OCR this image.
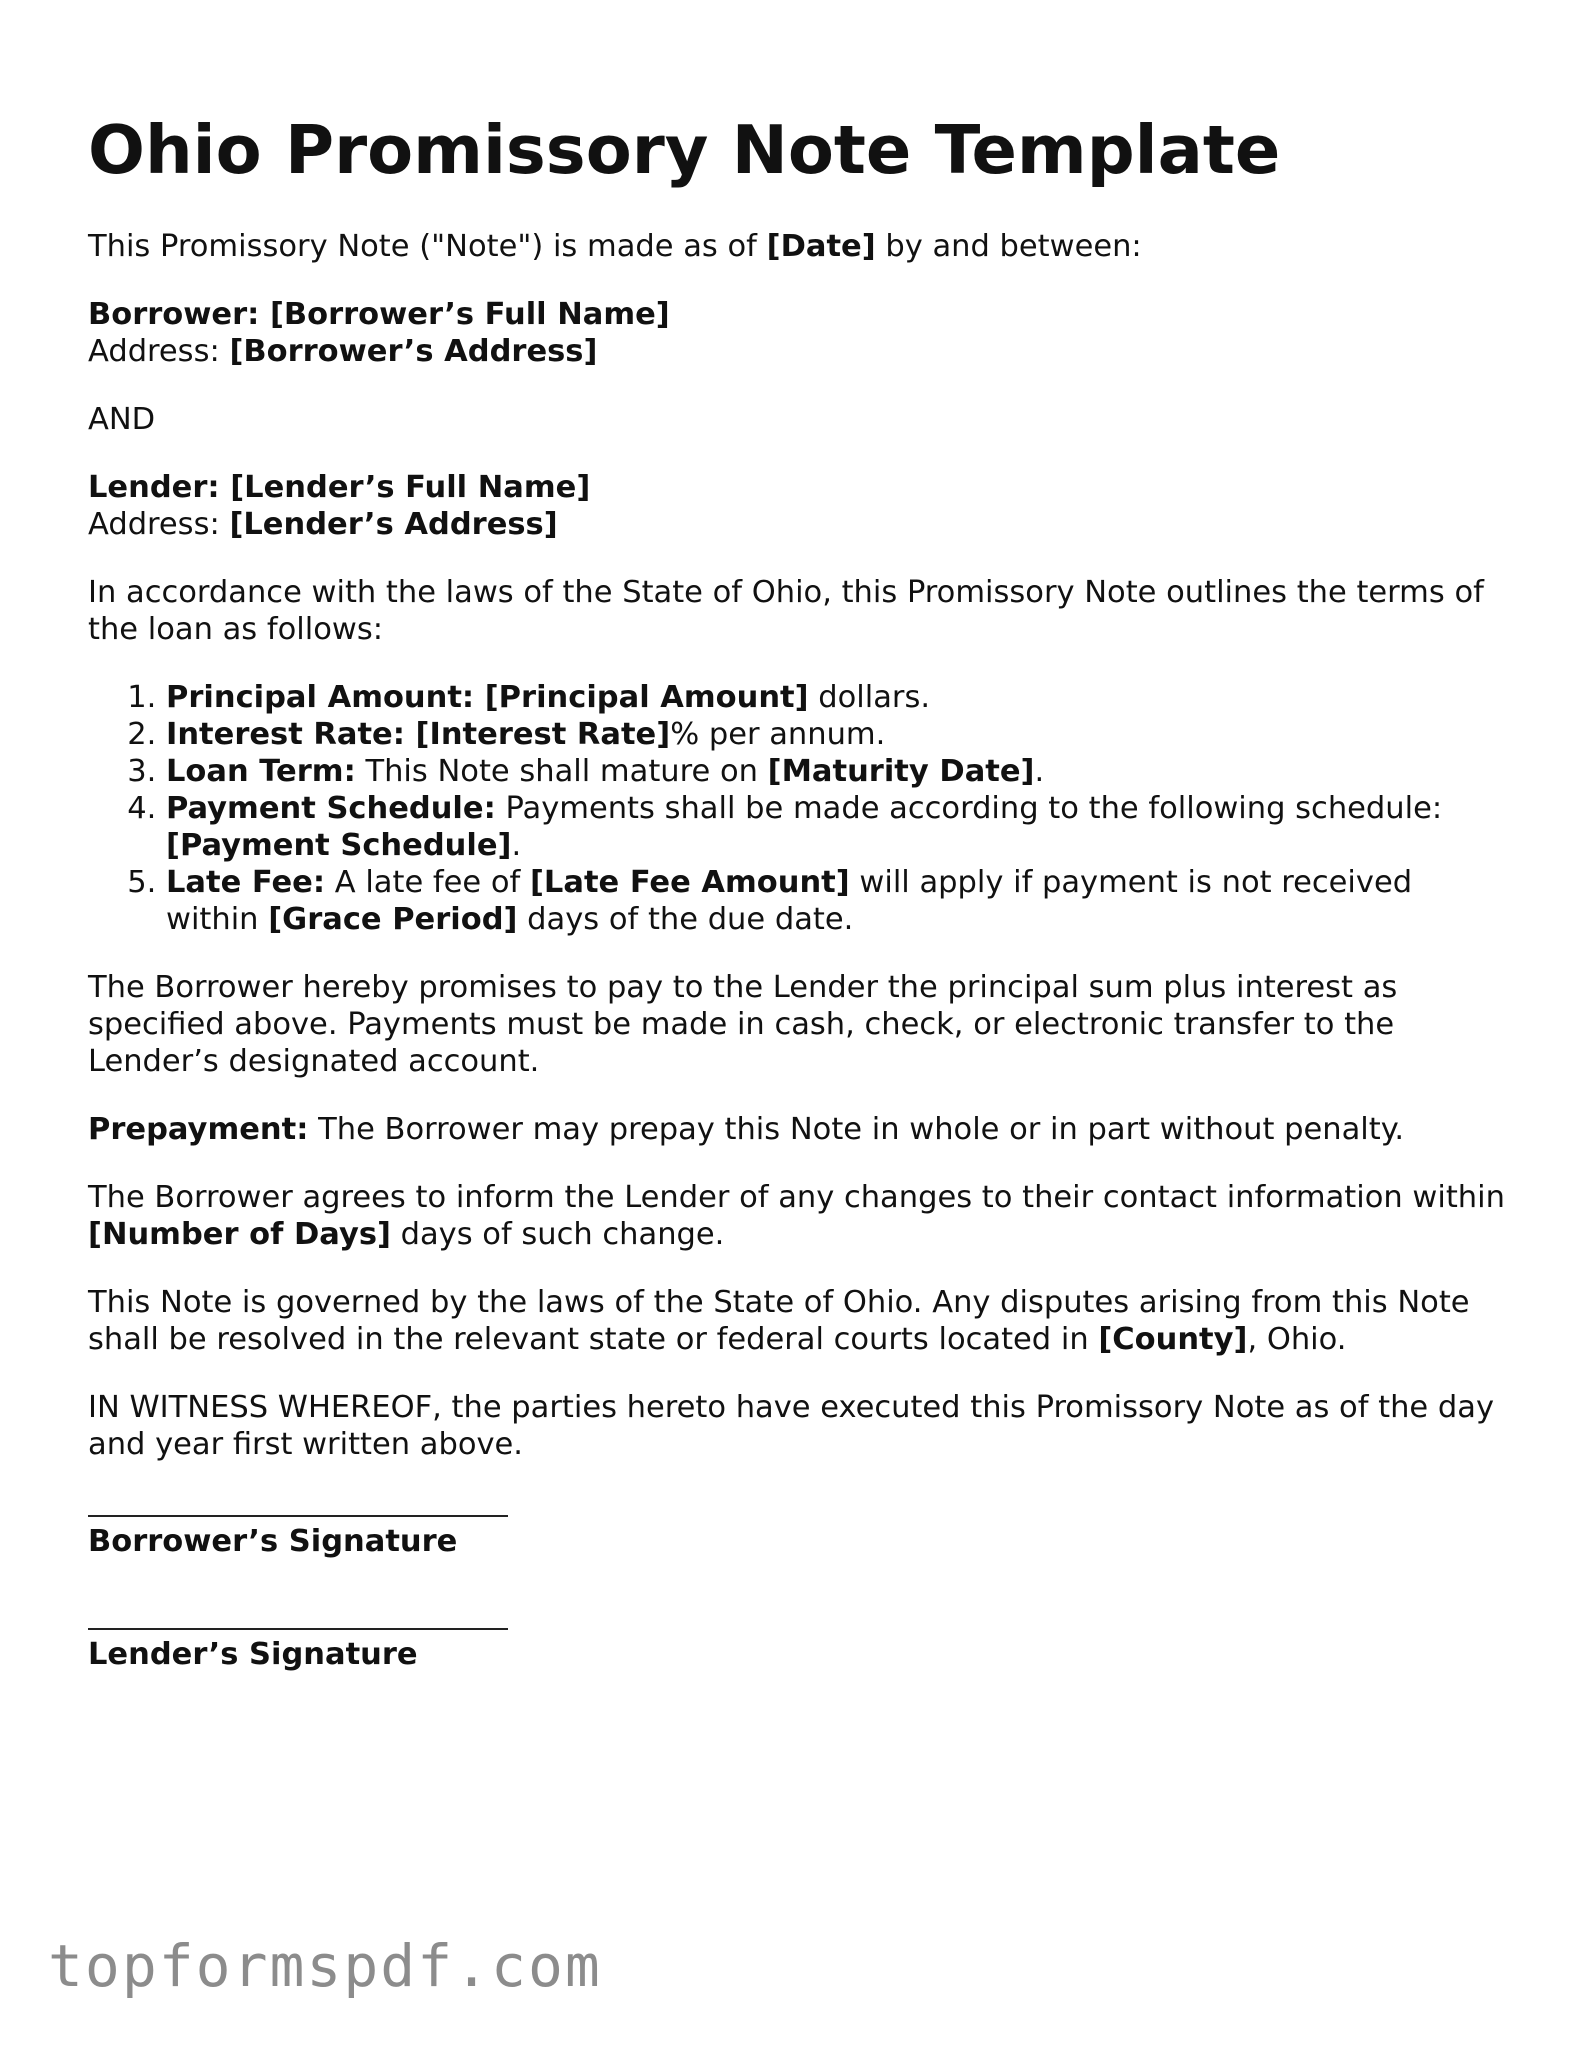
Ohio Promissory Note Template

This Promissory Note ("Note") is made as of [Date] by and between:

Borrower: [Borrower’s Full Name]
Address: [Borrower’s Address]

AND

Lender: [Lender’s Full Name]
Address: [Lender’s Address]

In accordance with the laws of the State of Ohio, this Promissory Note outlines the terms of the loan as follows:

1. Principal Amount: [Principal Amount] dollars.
2. Interest Rate: [Interest Rate]% per annum.
3. Loan Term: This Note shall mature on [Maturity Date].
4. Payment Schedule: Payments shall be made according to the following schedule: [Payment Schedule].
5. Late Fee: A late fee of [Late Fee Amount] will apply if payment is not received within [Grace Period] days of the due date.

The Borrower hereby promises to pay to the Lender the principal sum plus interest as specified above. Payments must be made in cash, check, or electronic transfer to the Lender’s designated account.

Prepayment: The Borrower may prepay this Note in whole or in part without penalty.

The Borrower agrees to inform the Lender of any changes to their contact information within [Number of Days] days of such change.

This Note is governed by the laws of the State of Ohio. Any disputes arising from this Note shall be resolved in the relevant state or federal courts located in [County], Ohio.

IN WITNESS WHEREOF, the parties hereto have executed this Promissory Note as of the day and year first written above.

Borrower’s Signature
Lender’s Signature
topformspdf.com
